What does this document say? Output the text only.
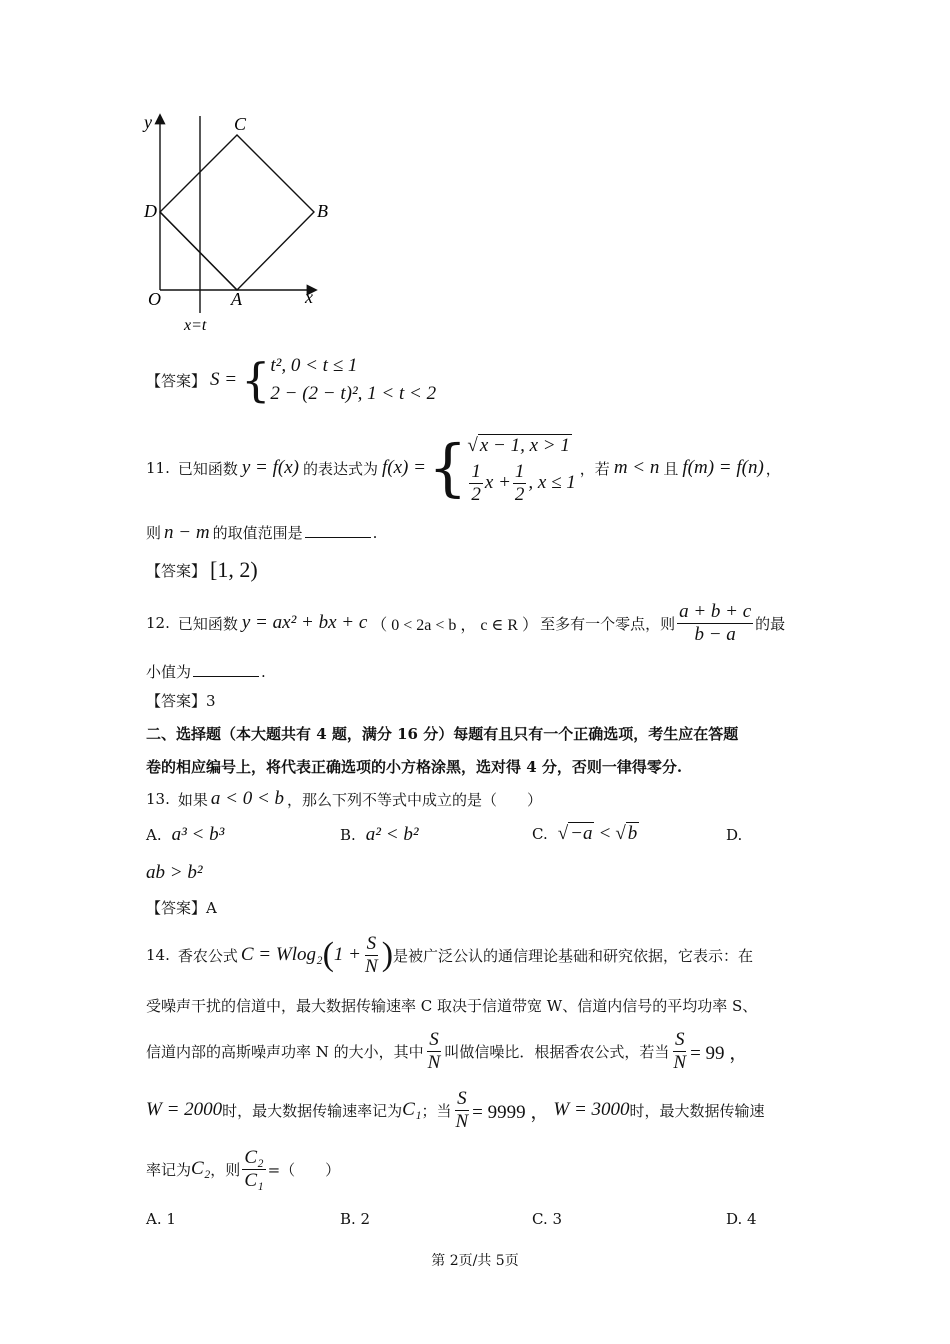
y
x
O	A
B
C
D
x=t
【答案】 S = { t², 0 < t ≤ 1
2 − (2 − t)², 1 < t < 2
11. 已知函数 y = f(x) 的表达式为 f(x) = { √ x − 1, x > 1
$\frac{1}{2}$ $x + \frac{1}{2}$ , x ≤ 1
，若 m < n 且 f(m) = f(n) ，
则 n − m 的取值范围是	.
【答案】 [1, 2)
12. 已知函数 y = ax² + bx + c （ 0 < 2a < b ， c ∈ R ） 至多有一个零点，则 $\frac{a + b + c}{b - a}$ 的最
小值为	.
【答案】3
二、选择题（本大题共有 4 题，满分 16 分）每题有且只有一个正确选项，考生应在答题
卷的相应编号上，将代表正确选项的小方格涂黑，选对得 4 分，否则一律得零分.
13. 如果 a < 0 < b ，那么下列不等式中成立的是（　　）
A. a³ < b³	B. a² < b²	C. √ −a < √ b	D.
ab > b²
【答案】A
14. 香农公式 C = Wlog₂ ( $1 + \frac{S}{N}$ ) 是被广泛公认的通信理论基础和研究依据，它表示：在
受噪声干扰的信道中，最大数据传输速率 C 取决于信道带宽 W、信道内信号的平均功率 S、
信道内部的高斯噪声功率 N 的大小，其中 $\frac{S}{N}$ 叫做信噪比．根据香农公式，若当 $\frac{S}{N} = 99$ ，
W = 2000 时，最大数据传输速率记为 C₁ ；当 $\frac{S}{N} = 9999$ ， W = 3000 时，最大数据传输速
率记为 C₂ ，则 $\frac{\text{C₂}}{\text{C₁}}$ =（　　）
A. 1	B. 2	C. 3	D. 4
第 2页/共 5页
